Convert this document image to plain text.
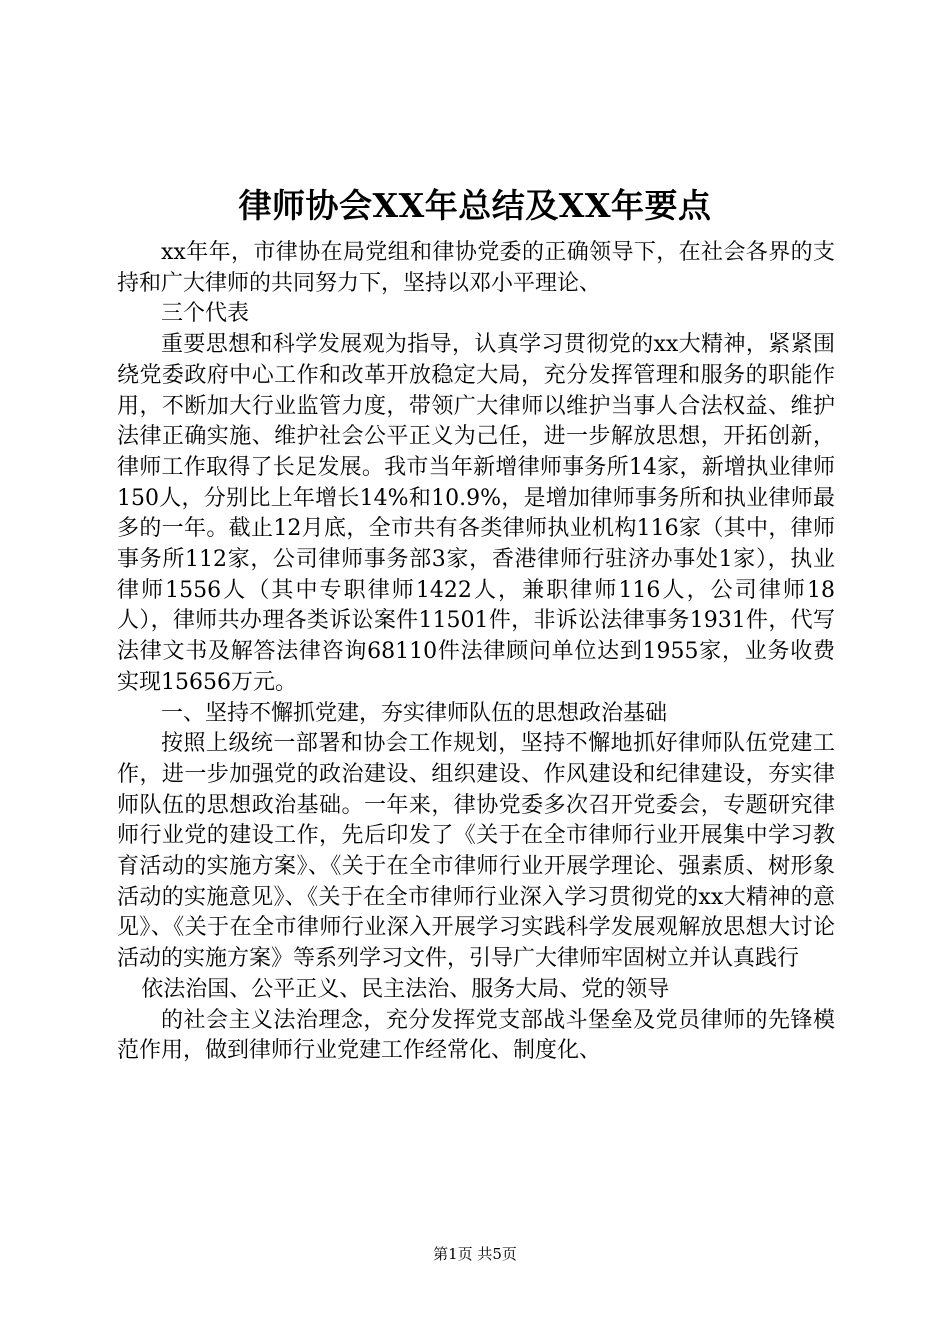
律师协会XX年总结及XX年要点

xx年年，市律协在局党组和律协党委的正确领导下，在社会各界的支持和广大律师的共同努力下，坚持以邓小平理论、

三个代表

重要思想和科学发展观为指导，认真学习贯彻党的xx大精神，紧紧围绕党委政府中心工作和改革开放稳定大局，充分发挥管理和服务的职能作用，不断加大行业监管力度，带领广大律师以维护当事人合法权益、维护法律正确实施、维护社会公平正义为己任，进一步解放思想，开拓创新，律师工作取得了长足发展。我市当年新增律师事务所14家，新增执业律师150人，分别比上年增长14%和10.9%，是增加律师事务所和执业律师最多的一年。截止12月底，全市共有各类律师执业机构116家（其中，律师事务所112家，公司律师事务部3家，香港律师行驻济办事处1家），执业律师1556人（其中专职律师1422人，兼职律师116人，公司律师18人），律师共办理各类诉讼案件11501件，非诉讼法律事务1931件，代写法律文书及解答法律咨询68110件法律顾问单位达到1955家，业务收费实现15656万元。

一、坚持不懈抓党建，夯实律师队伍的思想政治基础

按照上级统一部署和协会工作规划，坚持不懈地抓好律师队伍党建工作，进一步加强党的政治建设、组织建设、作风建设和纪律建设，夯实律师队伍的思想政治基础。一年来，律协党委多次召开党委会，专题研究律师行业党的建设工作，先后印发了《关于在全市律师行业开展集中学习教育活动的实施方案》、《关于在全市律师行业开展学理论、强素质、树形象活动的实施意见》、《关于在全市律师行业深入学习贯彻党的xx大精神的意见》、《关于在全市律师行业深入开展学习实践科学发展观解放思想大讨论活动的实施方案》等系列学习文件，引导广大律师牢固树立并认真践行

依法治国、公平正义、民主法治、服务大局、党的领导

的社会主义法治理念，充分发挥党支部战斗堡垒及党员律师的先锋模范作用，做到律师行业党建工作经常化、制度化、

第1页 共5页
